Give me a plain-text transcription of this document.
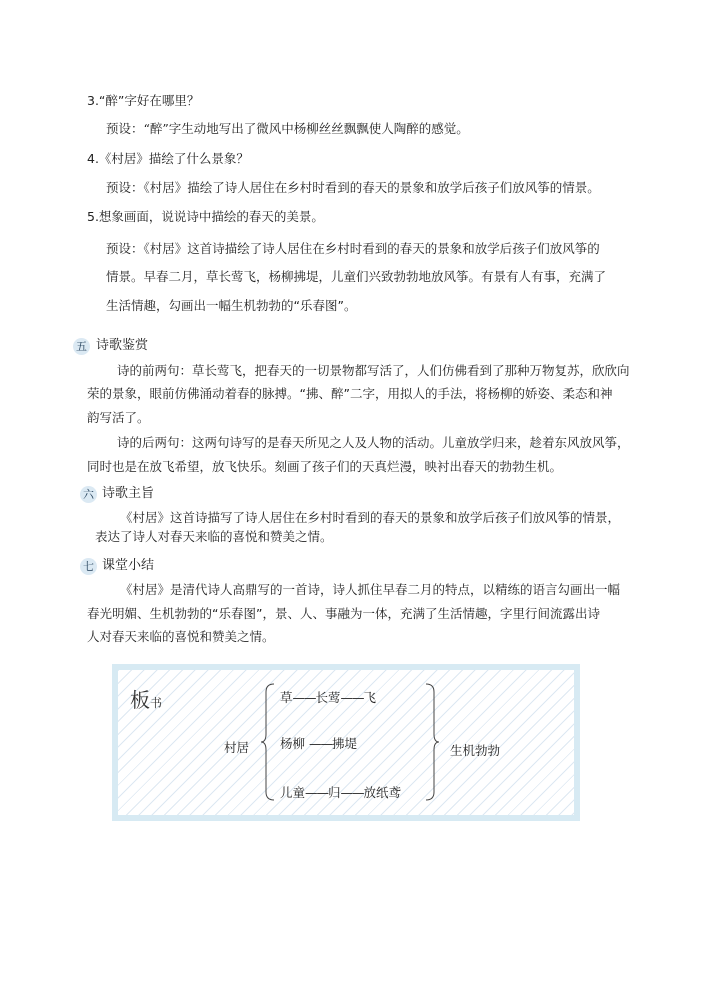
3.“醉”字好在哪里？
预设：“醉”字生动地写出了微风中杨柳丝丝飘飘使人陶醉的感觉。
4.《村居》描绘了什么景象？
预设：《村居》描绘了诗人居住在乡村时看到的春天的景象和放学后孩子们放风筝的情景。
5.想象画面，说说诗中描绘的春天的美景。
预设：《村居》这首诗描绘了诗人居住在乡村时看到的春天的景象和放学后孩子们放风筝的
情景。早春二月，草长莺飞，杨柳拂堤，儿童们兴致勃勃地放风筝。有景有人有事，充满了
生活情趣，勾画出一幅生机勃勃的“乐春图”。
五 诗歌鉴赏
诗的前两句：草长莺飞，把春天的一切景物都写活了，人们仿佛看到了那种万物复苏，欣欣向
荣的景象，眼前仿佛涌动着春的脉搏。“拂、醉”二字，用拟人的手法，将杨柳的娇姿、柔态和神
韵写活了。
诗的后两句：这两句诗写的是春天所见之人及人物的活动。儿童放学归来，趁着东风放风筝，
同时也是在放飞希望，放飞快乐。刻画了孩子们的天真烂漫，映衬出春天的勃勃生机。
六 诗歌主旨
《村居》这首诗描写了诗人居住在乡村时看到的春天的景象和放学后孩子们放风筝的情景，
表达了诗人对春天来临的喜悦和赞美之情。
七 课堂小结
《村居》是清代诗人高鼎写的一首诗，诗人抓住早春二月的特点，以精练的语言勾画出一幅
春光明媚、生机勃勃的“乐春图”，景、人、事融为一体，充满了生活情趣，字里行间流露出诗
人对春天来临的喜悦和赞美之情。
板书
村居
草——长莺——飞
杨柳 ——拂堤
儿童——归——放纸鸢
生机勃勃
